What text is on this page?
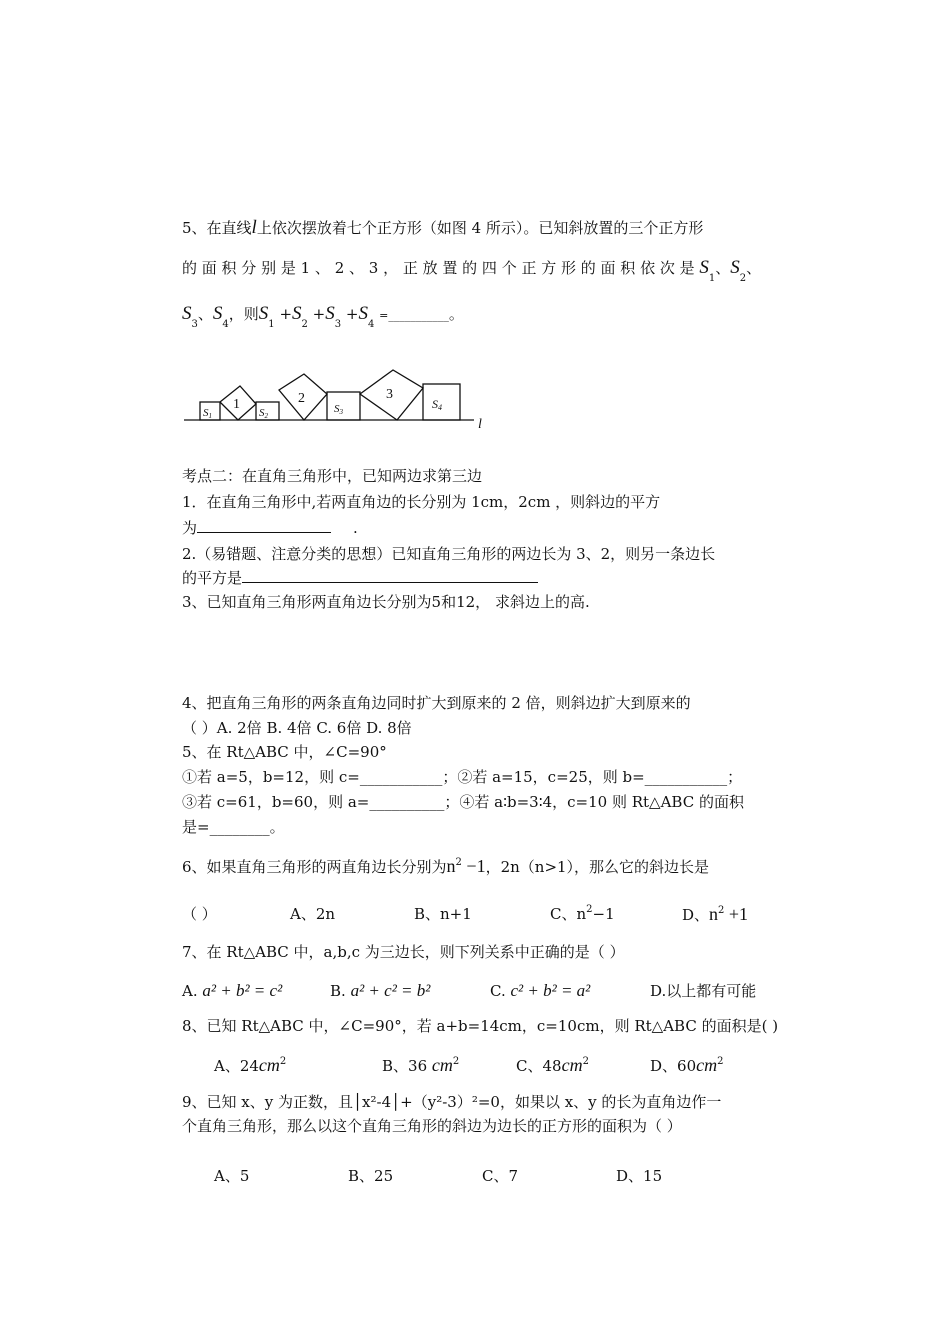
5、在直线l上依次摆放着七个正方形（如图 4 所示）。已知斜放置的三个正方形
的 面 积 分 别 是 1 、 2 、 3 ， 正 放 置 的 四 个 正 方 形 的 面 积 依 次 是 $S_1$、$S_2$、
$S_3$、$S_4$，则$S_1 +S_2 +S_3 +S_4$ =___________。
S1
1
S2
2
S3
3
S4
l
考点二：在直角三角形中，已知两边求第三边
1．在直角三角形中,若两直角边的长分别为 1cm，2cm ，则斜边的平方
为	.
2.（易错题、注意分类的思想）已知直角三角形的两边长为 3、2，则另一条边长
的平方是
3、已知直角三角形两直角边长分别为5和12， 求斜边上的高.
4、把直角三角形的两条直角边同时扩大到原来的 2 倍，则斜边扩大到原来的
（ ）A. 2倍 B. 4倍 C. 6倍 D. 8倍
5、在 Rt△ABC 中，∠C=90°
①若 a=5，b=12，则 c=___________；②若 a=15，c=25，则 b=___________；
③若 c=61，b=60，则 a=__________；④若 a∶b=3∶4，c=10 则 Rt△ABC 的面积
是=________。
6、如果直角三角形的两直角边长分别为$n^2 -1$，2n（n>1），那么它的斜边长是
（ ）	A、2n	B、n+1	C、$n^2-1$	D、$n^2 +1$
7、在 Rt△ABC 中，a,b,c 为三边长，则下列关系中正确的是（ ）
A. a² + b² = c²	B. a² + c² = b²	C. c² + b² = a²	D.以上都有可能
8、已知 Rt△ABC 中，∠C=90°，若 a+b=14cm，c=10cm，则 Rt△ABC 的面积是( )
A、$24cm^2$	B、36 $cm^2$	C、$48cm^2$	D、$60cm^2$
9、已知 x、y 为正数，且│x²-4│+（y²-3）²=0，如果以 x、y 的长为直角边作一
个直角三角形，那么以这个直角三角形的斜边为边长的正方形的面积为（ ）
A、5	B、25	C、7	D、15
